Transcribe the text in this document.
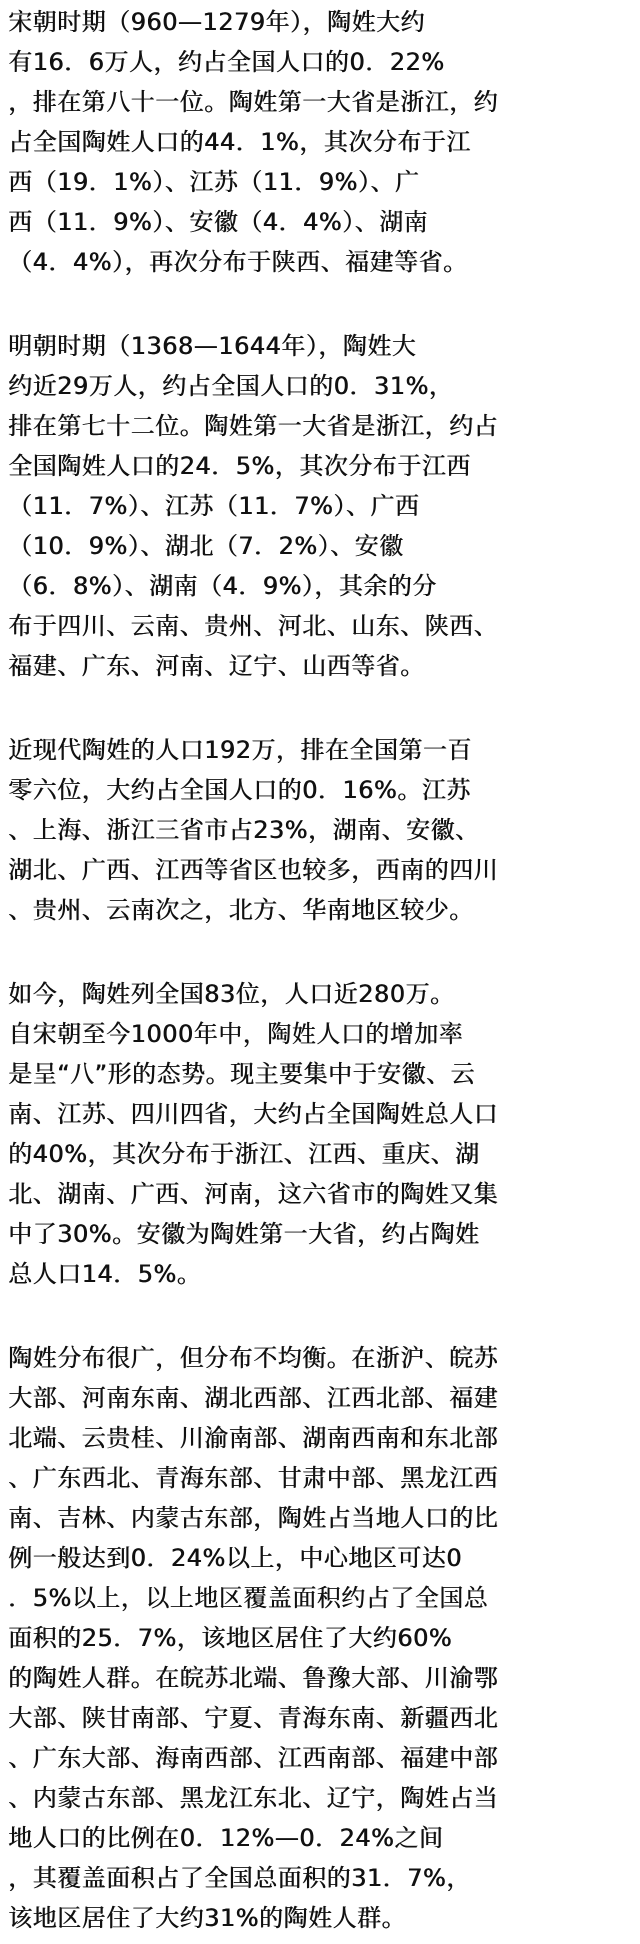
宋朝时期（960—1279年），陶姓大约

有16．6万人，约占全国人口的0．22%

，排在第八十一位。陶姓第一大省是浙江，约

占全国陶姓人口的44．1%，其次分布于江

西（19．1%）、江苏（11．9%）、广

西（11．9%）、安徽（4．4%）、湖南

（4．4%），再次分布于陕西、福建等省。

明朝时期（1368—1644年），陶姓大

约近29万人，约占全国人口的0．31%，

排在第七十二位。陶姓第一大省是浙江，约占

全国陶姓人口的24．5%，其次分布于江西

（11．7%）、江苏（11．7%）、广西

（10．9%）、湖北（7．2%）、安徽

（6．8%）、湖南（4．9%），其余的分

布于四川、云南、贵州、河北、山东、陕西、

福建、广东、河南、辽宁、山西等省。

近现代陶姓的人口192万，排在全国第一百

零六位，大约占全国人口的0．16%。江苏

、上海、浙江三省市占23%，湖南、安徽、

湖北、广西、江西等省区也较多，西南的四川

、贵州、云南次之，北方、华南地区较少。

如今，陶姓列全国83位，人口近280万。

自宋朝至今1000年中，陶姓人口的增加率

是呈“八”形的态势。现主要集中于安徽、云

南、江苏、四川四省，大约占全国陶姓总人口

的40%，其次分布于浙江、江西、重庆、湖

北、湖南、广西、河南，这六省市的陶姓又集

中了30%。安徽为陶姓第一大省，约占陶姓

总人口14．5%。

陶姓分布很广，但分布不均衡。在浙沪、皖苏

大部、河南东南、湖北西部、江西北部、福建

北端、云贵桂、川渝南部、湖南西南和东北部

、广东西北、青海东部、甘肃中部、黑龙江西

南、吉林、内蒙古东部，陶姓占当地人口的比

例一般达到0．24%以上，中心地区可达0

．5%以上，以上地区覆盖面积约占了全国总

面积的25．7%，该地区居住了大约60%

的陶姓人群。在皖苏北端、鲁豫大部、川渝鄂

大部、陕甘南部、宁夏、青海东南、新疆西北

、广东大部、海南西部、江西南部、福建中部

、内蒙古东部、黑龙江东北、辽宁，陶姓占当

地人口的比例在0．12%—0．24%之间

，其覆盖面积占了全国总面积的31．7%，

该地区居住了大约31%的陶姓人群。
